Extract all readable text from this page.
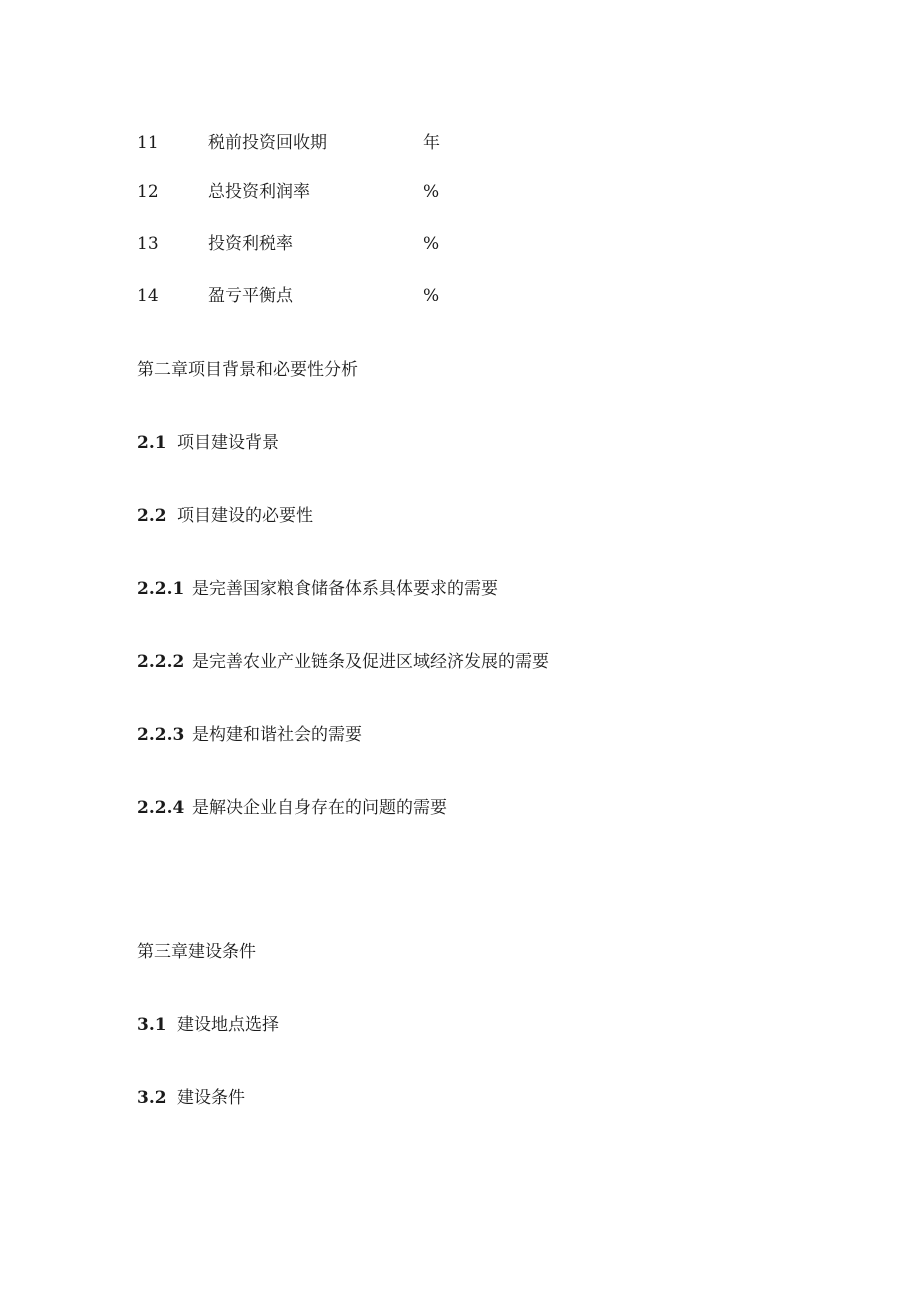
11	税前投资回收期	年
12	总投资利润率	%
13	投资利税率	%
14	盈亏平衡点	%
第二章项目背景和必要性分析
2.1 项目建设背景
2.2 项目建设的必要性
2.2.1 是完善国家粮食储备体系具体要求的需要
2.2.2 是完善农业产业链条及促进区域经济发展的需要
2.2.3 是构建和谐社会的需要
2.2.4 是解决企业自身存在的问题的需要
第三章建设条件
3.1 建设地点选择
3.2 建设条件
